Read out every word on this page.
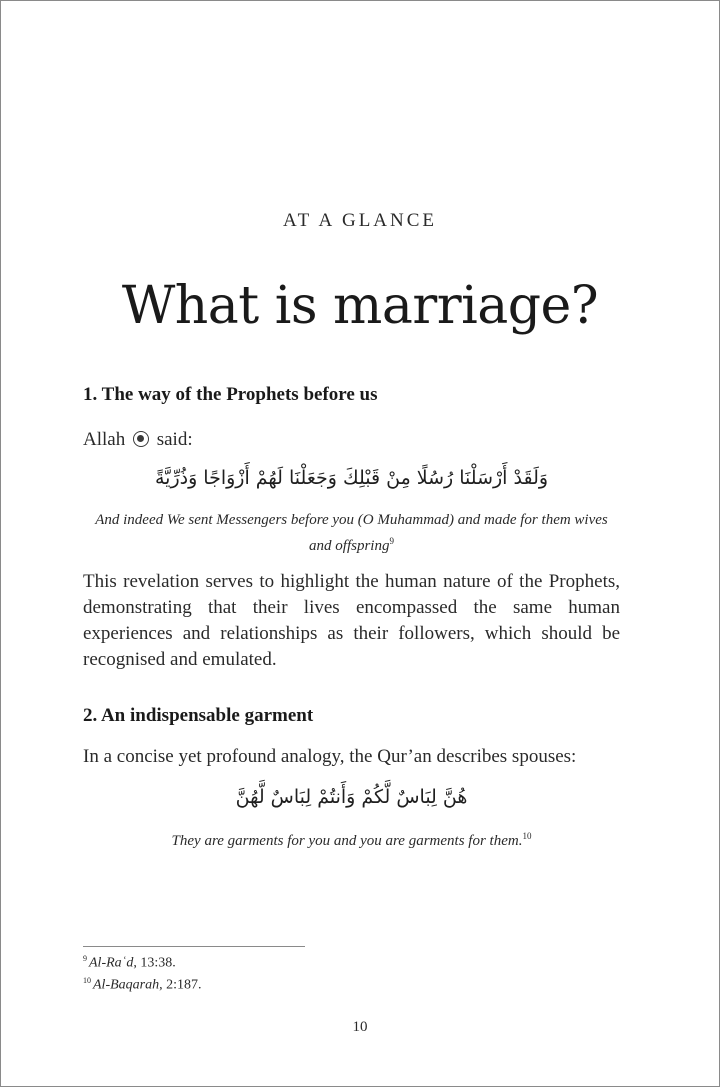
AT A GLANCE
What is marriage?
1. The way of the Prophets before us

Allah said:

وَلَقَدْ أَرْسَلْنَا رُسُلًا مِنْ قَبْلِكَ وَجَعَلْنَا لَهُمْ أَزْوَاجًا وَذُرِّيَّةً
And indeed We sent Messengers before you (O Muhammad) and made for them wives and offspring$^9$

This revelation serves to highlight the human nature of the Prophets, demonstrating that their lives encompassed the same human experiences and relationships as their followers, which should be recognised and emulated.

2. An indispensable garment

In a concise yet profound analogy, the Qur’an describes spouses:

هُنَّ لِبَاسٌ لَّكُمْ وَأَنتُمْ لِبَاسٌ لَّهُنَّ
They are garments for you and you are garments for them.$^{10}$
$^9$ Al-Raʿd, 13:38.
$^{10}$ Al-Baqarah, 2:187.
10
